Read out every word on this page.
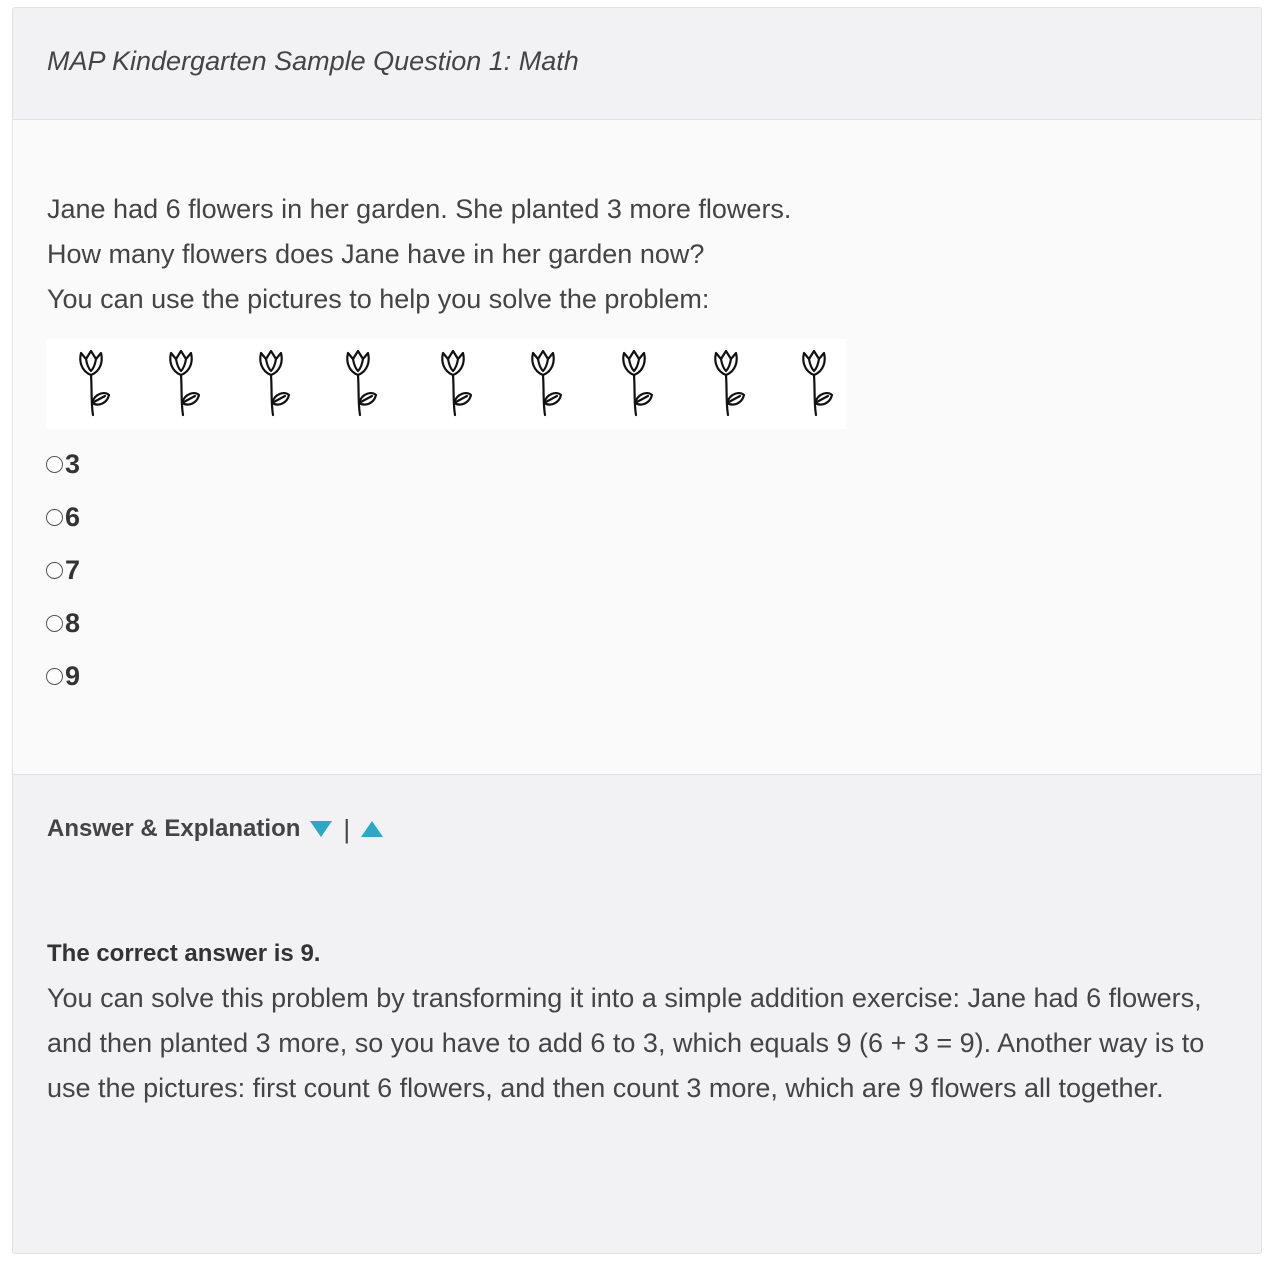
MAP Kindergarten Sample Question 1: Math
Jane had 6 flowers in her garden. She planted 3 more flowers.
How many flowers does Jane have in her garden now?
You can use the pictures to help you solve the problem:
3
6
7
8
9
Answer & Explanation |
The correct answer is 9.
You can solve this problem by transforming it into a simple addition exercise: Jane had 6 flowers, and then planted 3 more, so you have to add 6 to 3, which equals 9 (6 + 3 = 9). Another way is to use the pictures: first count 6 flowers, and then count 3 more, which are 9 flowers all together.
